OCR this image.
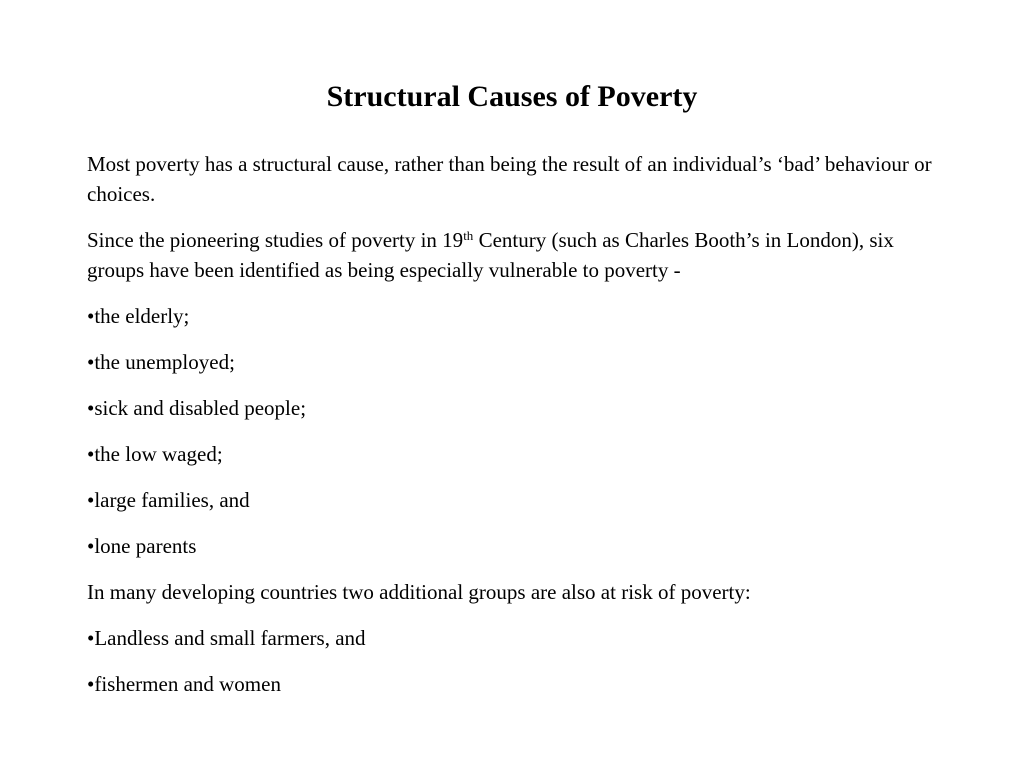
Structural Causes of Poverty

Most poverty has a structural cause, rather than being the result of an individual’s ‘bad’ behaviour or choices.

Since the pioneering studies of poverty in 19th Century (such as Charles Booth’s in London), six groups have been identified as being especially vulnerable to poverty -

•the elderly;

•the unemployed;

•sick and disabled people;

•the low waged;

•large families, and

•lone parents

In many developing countries two additional groups are also at risk of poverty:

•Landless and small farmers, and

•fishermen and women
